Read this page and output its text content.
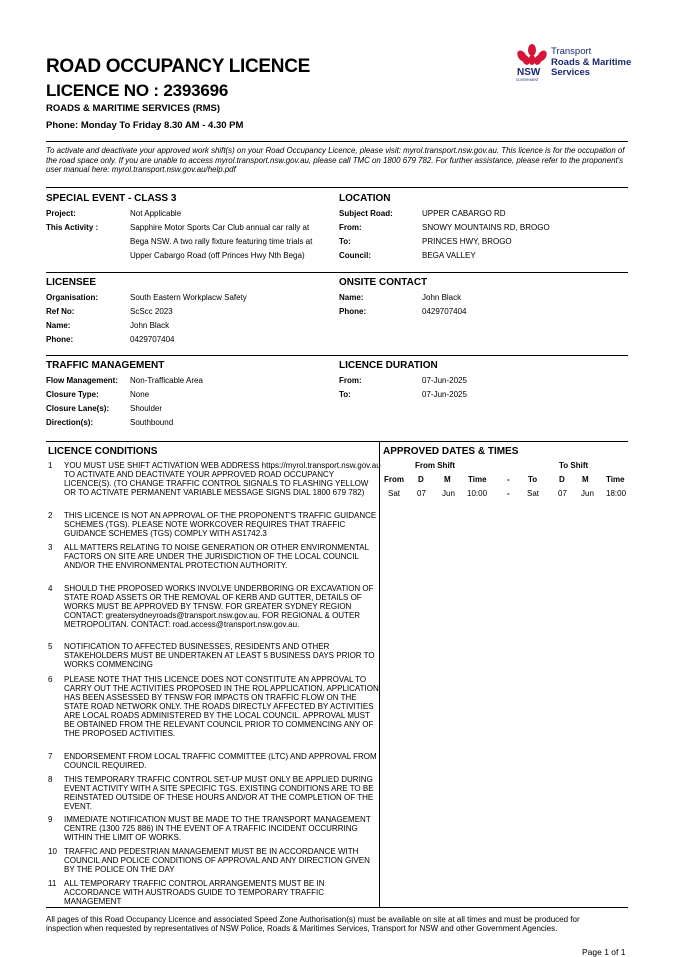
ROAD OCCUPANCY LICENCE
LICENCE NO : 2393696
ROADS & MARITIME SERVICES (RMS)
Phone: Monday To Friday 8.30 AM - 4.30 PM
NSW
GOVERNMENT
Transport
Roads & Maritime
Services
To activate and deactivate your approved work shift(s) on your Road Occupancy Licence, please visit: myrol.transport.nsw.gov.au. This licence is for the occupation of the road space only. If you are unable to access myrol.transport.nsw.gov.au, please call TMC on 1800 679 782. For further assistance, please refer to the proponent's user manual here: myrol.transport.nsw.gov.au/help.pdf
SPECIAL EVENT - CLASS 3
Project:	Not Applicable
This Activity :	Sapphire Motor Sports Car Club annual car rally at
Bega NSW. A two rally fixture featuring time trials at
Upper Cabargo Road (off Princes Hwy Nth Bega)
LOCATION
Subject Road:	UPPER CABARGO RD
From:	SNOWY MOUNTAINS RD, BROGO
To:	PRINCES HWY, BROGO
Council:	BEGA VALLEY
LICENSEE
Organisation:	South Eastern Workplacw Safety
Ref No:	ScScc 2023
Name:	John Black
Phone:	0429707404
ONSITE CONTACT
Name:	John Black
Phone:	0429707404
TRAFFIC MANAGEMENT
Flow Management: Non-Trafficable Area
Closure Type:	None
Closure Lane(s):	Shoulder
Direction(s):	Southbound
LICENCE DURATION
From:	07-Jun-2025
To:	07-Jun-2025
LICENCE CONDITIONS
1	YOU MUST USE SHIFT ACTIVATION WEB ADDRESS https://myrol.transport.nsw.gov.au TO ACTIVATE AND DEACTIVATE YOUR APPROVED ROAD OCCUPANCY LICENCE(S). (TO CHANGE TRAFFIC CONTROL SIGNALS TO FLASHING YELLOW OR TO ACTIVATE PERMANENT VARIABLE MESSAGE SIGNS DIAL 1800 679 782)
2	THIS LICENCE IS NOT AN APPROVAL OF THE PROPONENT'S TRAFFIC GUIDANCE SCHEMES (TGS). PLEASE NOTE WORKCOVER REQUIRES THAT TRAFFIC GUIDANCE SCHEMES (TGS) COMPLY WITH AS1742.3
3	ALL MATTERS RELATING TO NOISE GENERATION OR OTHER ENVIRONMENTAL FACTORS ON SITE ARE UNDER THE JURISDICTION OF THE LOCAL COUNCIL AND/OR THE ENVIRONMENTAL PROTECTION AUTHORITY.
4	SHOULD THE PROPOSED WORKS INVOLVE UNDERBORING OR EXCAVATION OF STATE ROAD ASSETS OR THE REMOVAL OF KERB AND GUTTER, DETAILS OF WORKS MUST BE APPROVED BY TFNSW. FOR GREATER SYDNEY REGION CONTACT: greatersydneyroads@transport.nsw.gov.au. FOR REGIONAL & OUTER METROPOLITAN. CONTACT: road.access@transport.nsw.gov.au.
5	NOTIFICATION TO AFFECTED BUSINESSES, RESIDENTS AND OTHER STAKEHOLDERS MUST BE UNDERTAKEN AT LEAST 5 BUSINESS DAYS PRIOR TO WORKS COMMENCING
6	PLEASE NOTE THAT THIS LICENCE DOES NOT CONSTITUTE AN APPROVAL TO CARRY OUT THE ACTIVITIES PROPOSED IN THE ROL APPLICATION. APPLICATION HAS BEEN ASSESSED BY TFNSW FOR IMPACTS ON TRAFFIC FLOW ON THE STATE ROAD NETWORK ONLY. THE ROADS DIRECTLY AFFECTED BY ACTIVITIES ARE LOCAL ROADS ADMINISTERED BY THE LOCAL COUNCIL. APPROVAL MUST BE OBTAINED FROM THE RELEVANT COUNCIL PRIOR TO COMMENCING ANY OF THE PROPOSED ACTIVITIES.
7	ENDORSEMENT FROM LOCAL TRAFFIC COMMITTEE (LTC) AND APPROVAL FROM COUNCIL REQUIRED.
8	THIS TEMPORARY TRAFFIC CONTROL SET-UP MUST ONLY BE APPLIED DURING EVENT ACTIVITY WITH A SITE SPECIFIC TGS. EXISTING CONDITIONS ARE TO BE REINSTATED OUTSIDE OF THESE HOURS AND/OR AT THE COMPLETION OF THE EVENT.
9	IMMEDIATE NOTIFICATION MUST BE MADE TO THE TRANSPORT MANAGEMENT CENTRE (1300 725 886) IN THE EVENT OF A TRAFFIC INCIDENT OCCURRING WITHIN THE LIMIT OF WORKS.
10 TRAFFIC AND PEDESTRIAN MANAGEMENT MUST BE IN ACCORDANCE WITH COUNCIL AND POLICE CONDITIONS OF APPROVAL AND ANY DIRECTION GIVEN BY THE POLICE ON THE DAY
11 ALL TEMPORARY TRAFFIC CONTROL ARRANGEMENTS MUST BE IN ACCORDANCE WITH AUSTROADS GUIDE TO TEMPORARY TRAFFIC MANAGEMENT
APPROVED DATES & TIMES
From Shift	To Shift
From D	M Time	- To	D M Time
Sat 07 Jun 10:00 - Sat 07 Jun 18:00
All pages of this Road Occupancy Licence and associated Speed Zone Authorisation(s) must be available on site at all times and must be produced for inspection when requested by representatives of NSW Police, Roads & Maritimes Services, Transport for NSW and other Government Agencies.
Page 1 of 1
